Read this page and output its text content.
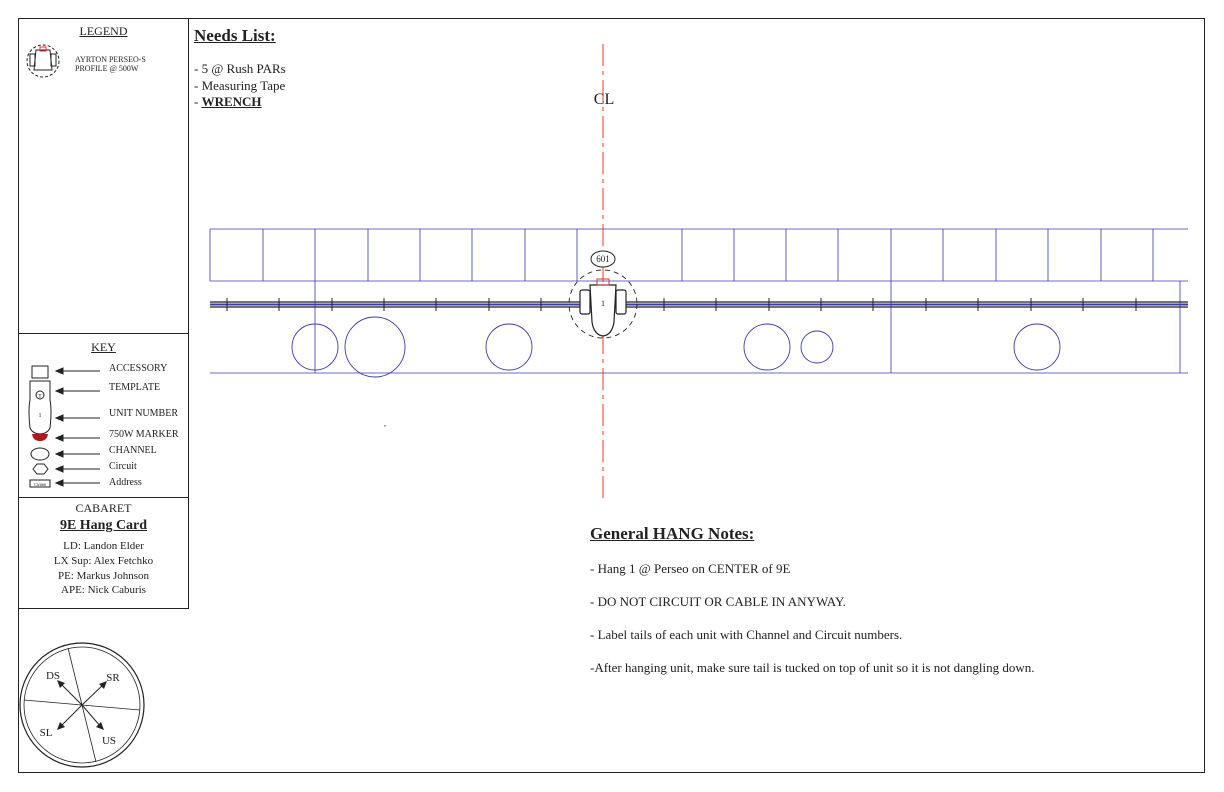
LEGEND
AYRTON PERSEO-S
PROFILE @ 500W
KEY
ACCESSORY
TEMPLATE
UNIT NUMBER
750W MARKER
CHANNEL
Circuit
Address
CABARET
9E Hang Card
LD: Landon Elder
LX Sup: Alex Fetchko
PE: Markus Johnson
APE: Nick Caburis
Needs List:
- 5 @ Rush PARs
- Measuring Tape
- WRENCH
General HANG Notes:
- Hang 1 @ Perseo on CENTER of 9E
- DO NOT CIRCUIT OR CABLE IN ANYWAY.
- Label tails of each unit with Channel and Circuit numbers.
-After hanging unit, make sure tail is tucked on top of unit so it is not dangling down.
T
1
Ch/###
DS	SR
SL
US
CL
601
1
,
